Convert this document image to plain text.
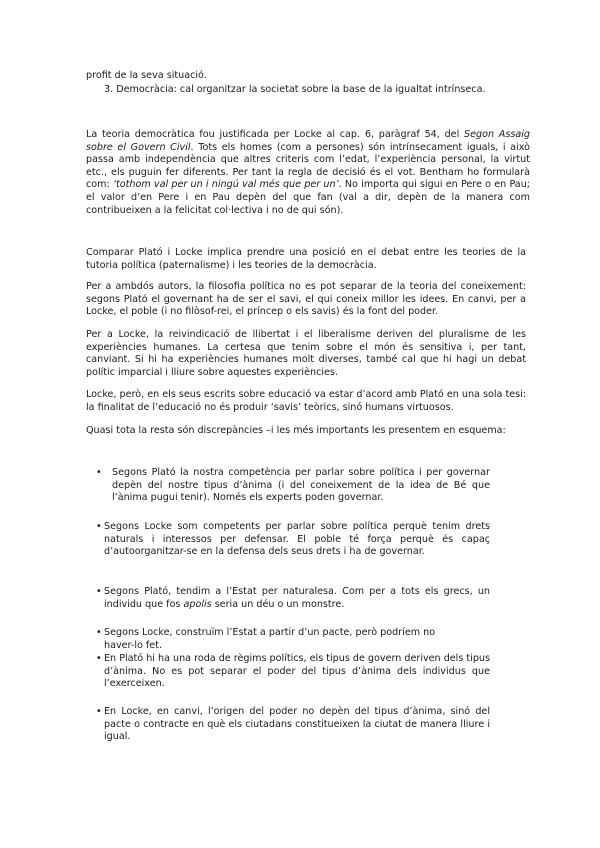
profit de la seva situació.

3. Democràcia: cal organitzar la societat sobre la base de la igualtat intrínseca.

La teoria democràtica fou justificada per Locke al cap. 6, paràgraf 54, del Segon Assaig sobre el Govern Civil. Tots els homes (com a persones) són intrínsecament iguals, i això passa amb independència que altres criteris com l’edat, l’experiència personal, la virtut etc., els puguin fer diferents. Per tant la regla de decisió és el vot. Bentham ho formularà com: ‘tothom val per un i ningú val més que per un’. No importa qui sigui en Pere o en Pau; el valor d’en Pere i en Pau depèn del que fan (val a dir, depèn de la manera com contribueixen a la felicitat col·lectiva i no de qui són).

Comparar Plató i Locke implica prendre una posició en el debat entre les teories de la tutoria política (paternalisme) i les teories de la democràcia.

Per a ambdós autors, la filosofia política no es pot separar de la teoria del coneixement: segons Plató el governant ha de ser el savi, el qui coneix millor les idees. En canvi, per a Locke, el poble (i no filòsof-rei, el príncep o els savis) és la font del poder.

Per a Locke, la reivindicació de llibertat i el liberalisme deriven del pluralisme de les experiències humanes. La certesa que tenim sobre el món és sensitiva i, per tant, canviant. Si hi ha experiències humanes molt diverses, també cal que hi hagi un debat polític imparcial i lliure sobre aquestes experiències.

Locke, però, en els seus escrits sobre educació va estar d’acord amb Plató en una sola tesi: la finalitat de l’educació no és produir ‘savis’ teòrics, sinó humans virtuosos.

Quasi tota la resta són discrepàncies –i les més importants les presentem en esquema:

• Segons Plató la nostra competència per parlar sobre política i per governar depèn del nostre tipus d’ànima (i del coneixement de la idea de Bé que l’ànima pugui tenir). Només els experts poden governar.
• Segons Locke som competents per parlar sobre política perquè tenim drets naturals i interessos per defensar. El poble té força perquè és capaç d’autoorganitzar-se en la defensa dels seus drets i ha de governar.
• Segons Plató, tendim a l’Estat per naturalesa. Com per a tots els grecs, un individu que fos apolis seria un déu o un monstre.
• Segons Locke, construïm l’Estat a partir d’un pacte, però podríem no haver-lo fet.
• En Plató hi ha una roda de règims polítics, els tipus de govern deriven dels tipus d’ànima. No es pot separar el poder del tipus d’ànima dels individus que l’exerceixen.
• En Locke, en canvi, l’origen del poder no depèn del tipus d’ànima, sinó del pacte o contracte en què els ciutadans constitueixen la ciutat de manera lliure i igual.
